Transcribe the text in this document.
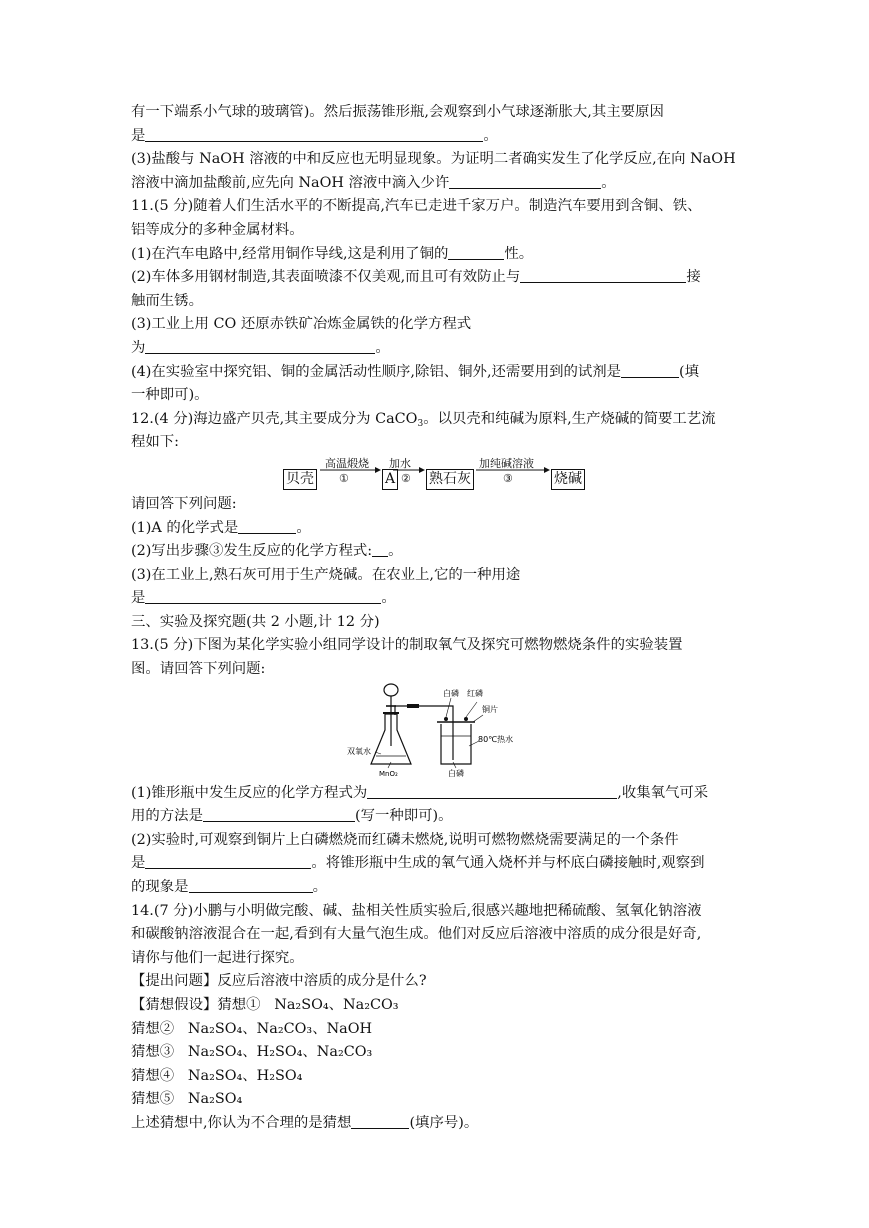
有一下端系小气球的玻璃管)。然后振荡锥形瓶,会观察到小气球逐渐胀大,其主要原因
是	。
(3)盐酸与 NaOH 溶液的中和反应也无明显现象。为证明二者确实发生了化学反应,在向 NaOH
溶液中滴加盐酸前,应先向 NaOH 溶液中滴入少许	。
11.(5 分)随着人们生活水平的不断提高,汽车已走进千家万户。制造汽车要用到含铜、铁、
铝等成分的多种金属材料。
(1)在汽车电路中,经常用铜作导线,这是利用了铜的	性。
(2)车体多用钢材制造,其表面喷漆不仅美观,而且可有效防止与	接
触而生锈。
(3)工业上用 CO 还原赤铁矿冶炼金属铁的化学方程式
为	。
(4)在实验室中探究铝、铜的金属活动性顺序,除铝、铜外,还需要用到的试剂是	(填
一种即可)。
12.(4 分)海边盛产贝壳,其主要成分为 CaCO$_3$。以贝壳和纯碱为原料,生产烧碱的简要工艺流
程如下:
贝壳
高温煅烧
①	A ②
加水
熟石灰
加纯碱溶液
③	烧碱
请回答下列问题:
(1)A 的化学式是	。
(2)写出步骤③发生反应的化学方程式: 。
(3)在工业上,熟石灰可用于生产烧碱。在农业上,它的一种用途
是	。
三、实验及探究题(共 2 小题,计 12 分)
13.(5 分)下图为某化学实验小组同学设计的制取氧气及探究可燃物燃烧条件的实验装置
图。请回答下列问题:
白磷 红磷
铜片
80℃热水
白磷
双氧水
MnO₂
(1)锥形瓶中发生反应的化学方程式为	,收集氧气可采
用的方法是	(写一种即可)。
(2)实验时,可观察到铜片上白磷燃烧而红磷未燃烧,说明可燃物燃烧需要满足的一个条件
是	。将锥形瓶中生成的氧气通入烧杯并与杯底白磷接触时,观察到
的现象是	。
14.(7 分)小鹏与小明做完酸、碱、盐相关性质实验后,很感兴趣地把稀硫酸、氢氧化钠溶液
和碳酸钠溶液混合在一起,看到有大量气泡生成。他们对反应后溶液中溶质的成分很是好奇,
请你与他们一起进行探究。
【提出问题】反应后溶液中溶质的成分是什么?
【猜想假设】猜想① Na₂SO₄、Na₂CO₃
猜想② Na₂SO₄、Na₂CO₃、NaOH
猜想③ Na₂SO₄、H₂SO₄、Na₂CO₃
猜想④ Na₂SO₄、H₂SO₄
猜想⑤ Na₂SO₄
上述猜想中,你认为不合理的是猜想	(填序号)。
